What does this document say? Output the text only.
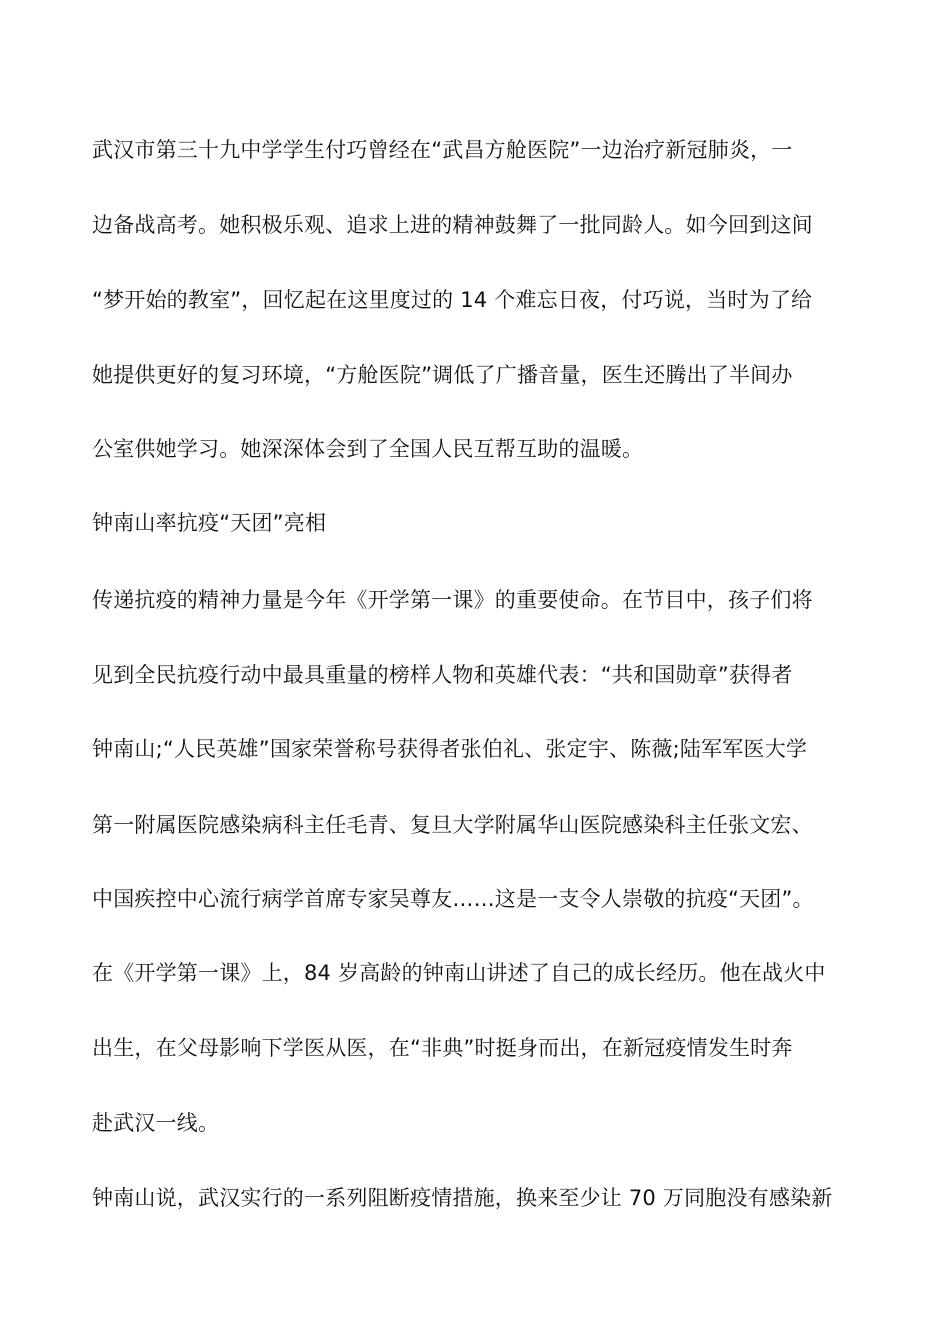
武汉市第三十九中学学生付巧曾经在“武昌方舱医院”一边治疗新冠肺炎，一
边备战高考。她积极乐观、追求上进的精神鼓舞了一批同龄人。如今回到这间
“梦开始的教室”，回忆起在这里度过的 14 个难忘日夜，付巧说，当时为了给
她提供更好的复习环境，“方舱医院”调低了广播音量，医生还腾出了半间办
公室供她学习。她深深体会到了全国人民互帮互助的温暖。
钟南山率抗疫“天团”亮相
传递抗疫的精神力量是今年《开学第一课》的重要使命。在节目中，孩子们将
见到全民抗疫行动中最具重量的榜样人物和英雄代表：“共和国勋章”获得者
钟南山;“人民英雄”国家荣誉称号获得者张伯礼、张定宇、陈薇;陆军军医大学
第一附属医院感染病科主任毛青、复旦大学附属华山医院感染科主任张文宏、
中国疾控中心流行病学首席专家吴尊友……这是一支令人崇敬的抗疫“天团”。
在《开学第一课》上，84 岁高龄的钟南山讲述了自己的成长经历。他在战火中
出生，在父母影响下学医从医，在“非典”时挺身而出，在新冠疫情发生时奔
赴武汉一线。
钟南山说，武汉实行的一系列阻断疫情措施，换来至少让 70 万同胞没有感染新
